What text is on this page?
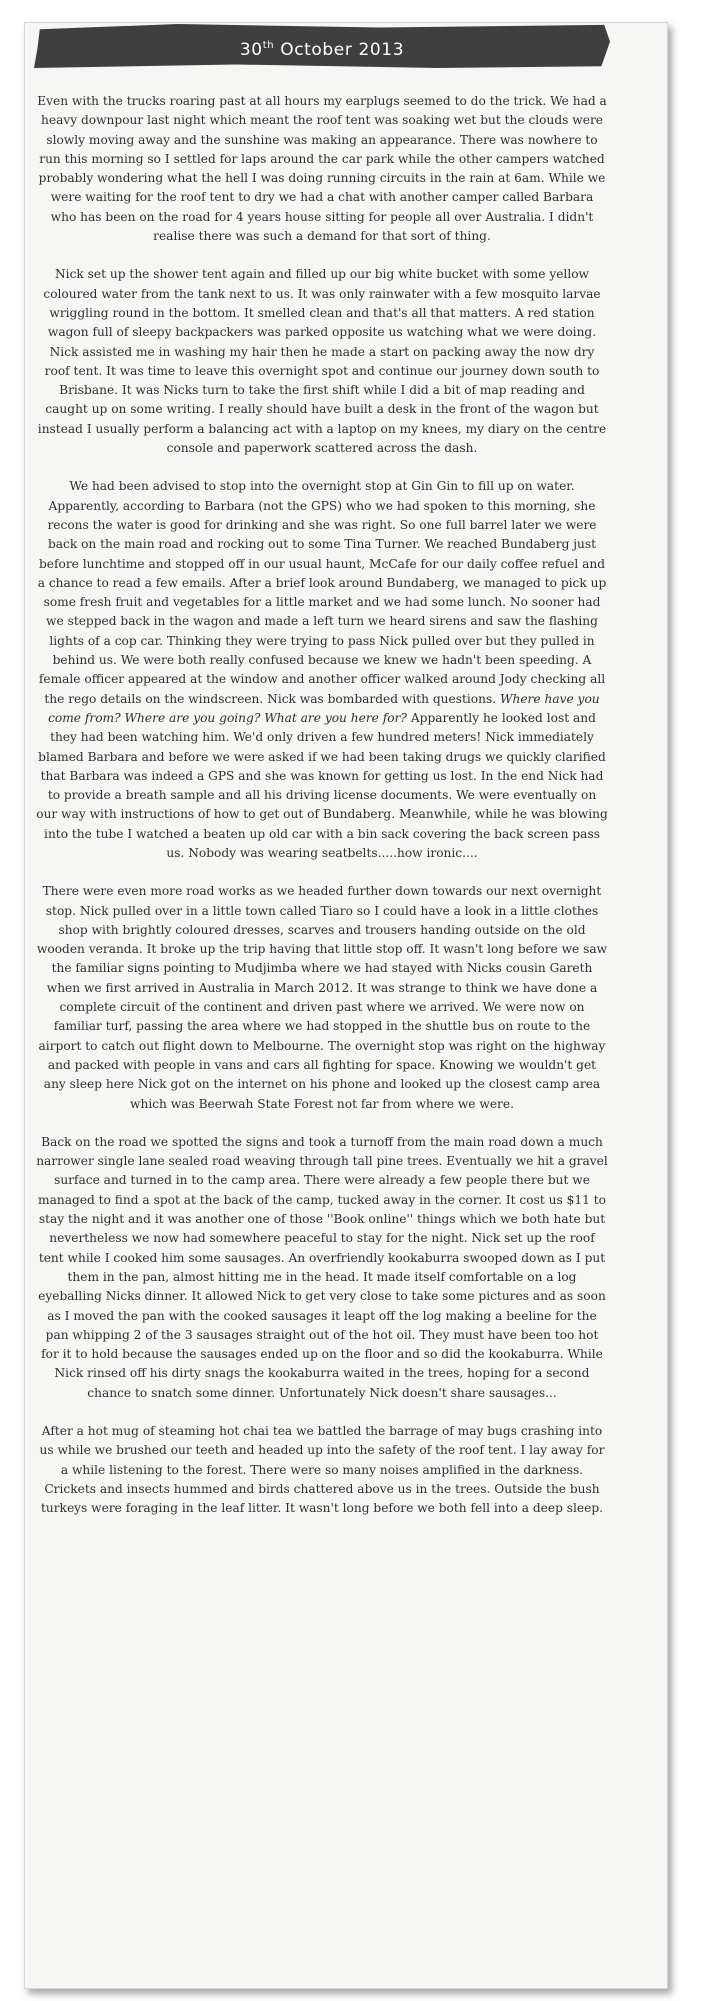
30th October 2013

Even with the trucks roaring past at all hours my earplugs seemed to do the trick. We had a heavy downpour last night which meant the roof tent was soaking wet but the clouds were slowly moving away and the sunshine was making an appearance. There was nowhere to run this morning so I settled for laps around the car park while the other campers watched probably wondering what the hell I was doing running circuits in the rain at 6am. While we were waiting for the roof tent to dry we had a chat with another camper called Barbara who has been on the road for 4 years house sitting for people all over Australia. I didn't realise there was such a demand for that sort of thing.

Nick set up the shower tent again and filled up our big white bucket with some yellow coloured water from the tank next to us. It was only rainwater with a few mosquito larvae wriggling round in the bottom. It smelled clean and that's all that matters. A red station wagon full of sleepy backpackers was parked opposite us watching what we were doing. Nick assisted me in washing my hair then he made a start on packing away the now dry roof tent. It was time to leave this overnight spot and continue our journey down south to Brisbane. It was Nicks turn to take the first shift while I did a bit of map reading and caught up on some writing. I really should have built a desk in the front of the wagon but instead I usually perform a balancing act with a laptop on my knees, my diary on the centre console and paperwork scattered across the dash.

We had been advised to stop into the overnight stop at Gin Gin to fill up on water. Apparently, according to Barbara (not the GPS) who we had spoken to this morning, she recons the water is good for drinking and she was right. So one full barrel later we were back on the main road and rocking out to some Tina Turner. We reached Bundaberg just before lunchtime and stopped off in our usual haunt, McCafe for our daily coffee refuel and a chance to read a few emails. After a brief look around Bundaberg, we managed to pick up some fresh fruit and vegetables for a little market and we had some lunch. No sooner had we stepped back in the wagon and made a left turn we heard sirens and saw the flashing lights of a cop car. Thinking they were trying to pass Nick pulled over but they pulled in behind us. We were both really confused because we knew we hadn't been speeding. A female officer appeared at the window and another officer walked around Jody checking all the rego details on the windscreen. Nick was bombarded with questions. Where have you come from? Where are you going? What are you here for? Apparently he looked lost and they had been watching him. We'd only driven a few hundred meters! Nick immediately blamed Barbara and before we were asked if we had been taking drugs we quickly clarified that Barbara was indeed a GPS and she was known for getting us lost. In the end Nick had to provide a breath sample and all his driving license documents. We were eventually on our way with instructions of how to get out of Bundaberg. Meanwhile, while he was blowing into the tube I watched a beaten up old car with a bin sack covering the back screen pass us. Nobody was wearing seatbelts.....how ironic....

There were even more road works as we headed further down towards our next overnight stop. Nick pulled over in a little town called Tiaro so I could have a look in a little clothes shop with brightly coloured dresses, scarves and trousers handing outside on the old wooden veranda. It broke up the trip having that little stop off. It wasn't long before we saw the familiar signs pointing to Mudjimba where we had stayed with Nicks cousin Gareth when we first arrived in Australia in March 2012. It was strange to think we have done a complete circuit of the continent and driven past where we arrived. We were now on familiar turf, passing the area where we had stopped in the shuttle bus on route to the airport to catch out flight down to Melbourne. The overnight stop was right on the highway and packed with people in vans and cars all fighting for space. Knowing we wouldn't get any sleep here Nick got on the internet on his phone and looked up the closest camp area which was Beerwah State Forest not far from where we were.

Back on the road we spotted the signs and took a turnoff from the main road down a much narrower single lane sealed road weaving through tall pine trees. Eventually we hit a gravel surface and turned in to the camp area. There were already a few people there but we managed to find a spot at the back of the camp, tucked away in the corner. It cost us $11 to stay the night and it was another one of those ''Book online'' things which we both hate but nevertheless we now had somewhere peaceful to stay for the night. Nick set up the roof tent while I cooked him some sausages. An overfriendly kookaburra swooped down as I put them in the pan, almost hitting me in the head. It made itself comfortable on a log eyeballing Nicks dinner. It allowed Nick to get very close to take some pictures and as soon as I moved the pan with the cooked sausages it leapt off the log making a beeline for the pan whipping 2 of the 3 sausages straight out of the hot oil. They must have been too hot for it to hold because the sausages ended up on the floor and so did the kookaburra. While Nick rinsed off his dirty snags the kookaburra waited in the trees, hoping for a second chance to snatch some dinner. Unfortunately Nick doesn't share sausages...

After a hot mug of steaming hot chai tea we battled the barrage of may bugs crashing into us while we brushed our teeth and headed up into the safety of the roof tent. I lay away for a while listening to the forest. There were so many noises amplified in the darkness. Crickets and insects hummed and birds chattered above us in the trees. Outside the bush turkeys were foraging in the leaf litter. It wasn't long before we both fell into a deep sleep.
